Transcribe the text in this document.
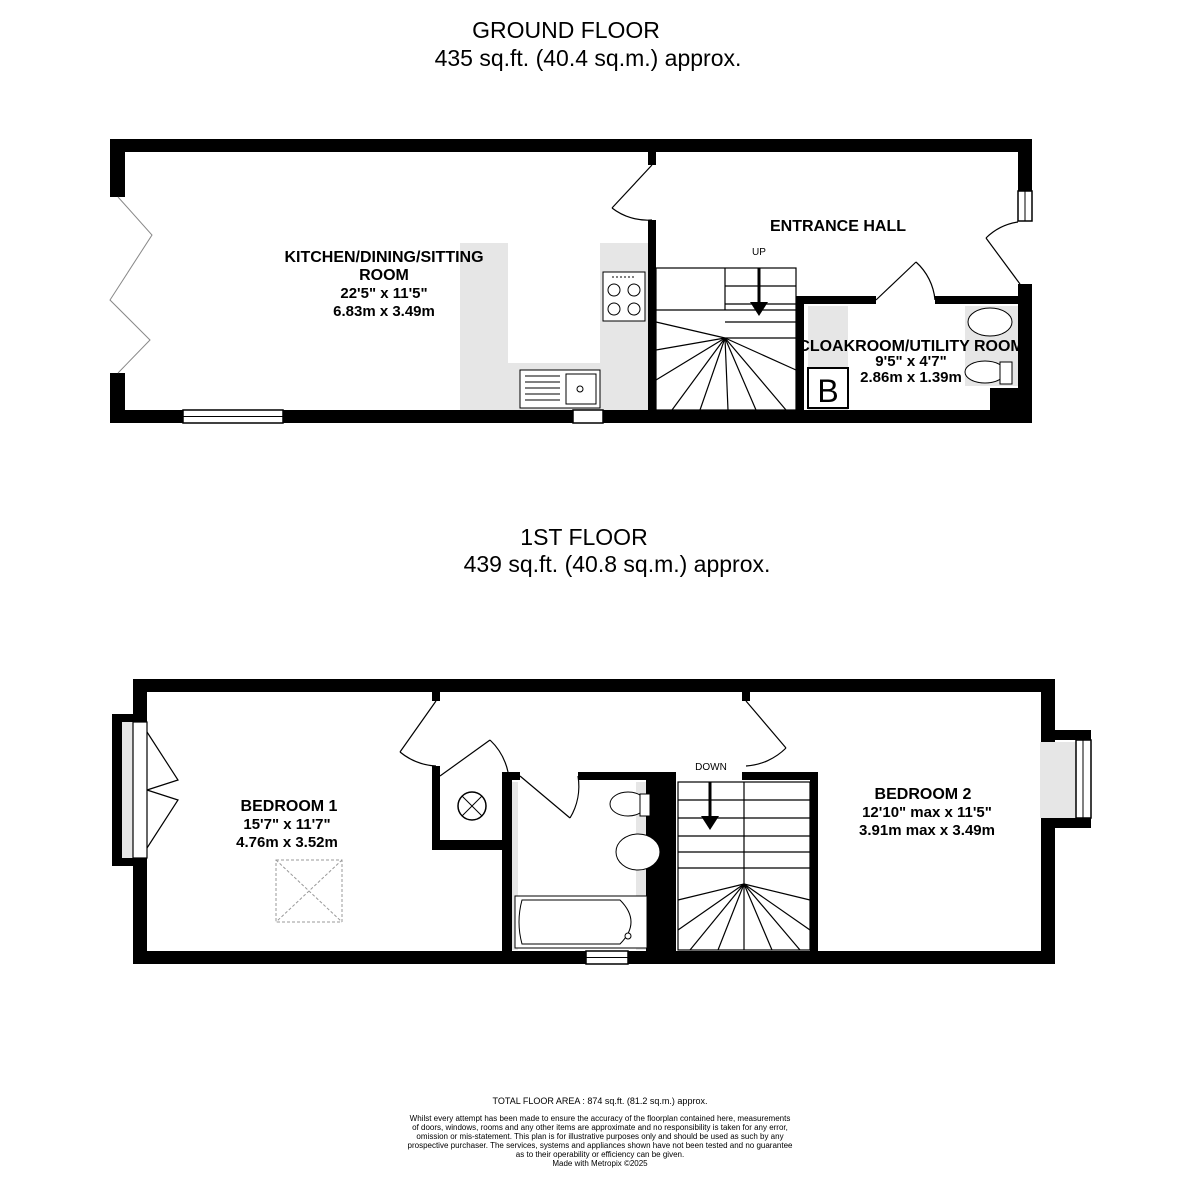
GROUND FLOOR
435 sq.ft. (40.4 sq.m.) approx.
1ST FLOOR
439 sq.ft. (40.8 sq.m.) approx.
B
KITCHEN/DINING/SITTING
ROOM
22'5" x 11'5"
6.83m x 3.49m
ENTRANCE HALL
UP
CLOAKROOM/UTILITY ROOM
9'5" x 4'7"
2.86m x 1.39m
DOWN
BEDROOM 1
15'7" x 11'7"
4.76m x 3.52m
BEDROOM 2
12'10" max x 11'5"
3.91m max x 3.49m
TOTAL FLOOR AREA : 874 sq.ft. (81.2 sq.m.) approx.
Whilst every attempt has been made to ensure the accuracy of the floorplan contained here, measurements
of doors, windows, rooms and any other items are approximate and no responsibility is taken for any error,
omission or mis-statement. This plan is for illustrative purposes only and should be used as such by any
prospective purchaser. The services, systems and appliances shown have not been tested and no guarantee
as to their operability or efficiency can be given.
Made with Metropix ©2025
